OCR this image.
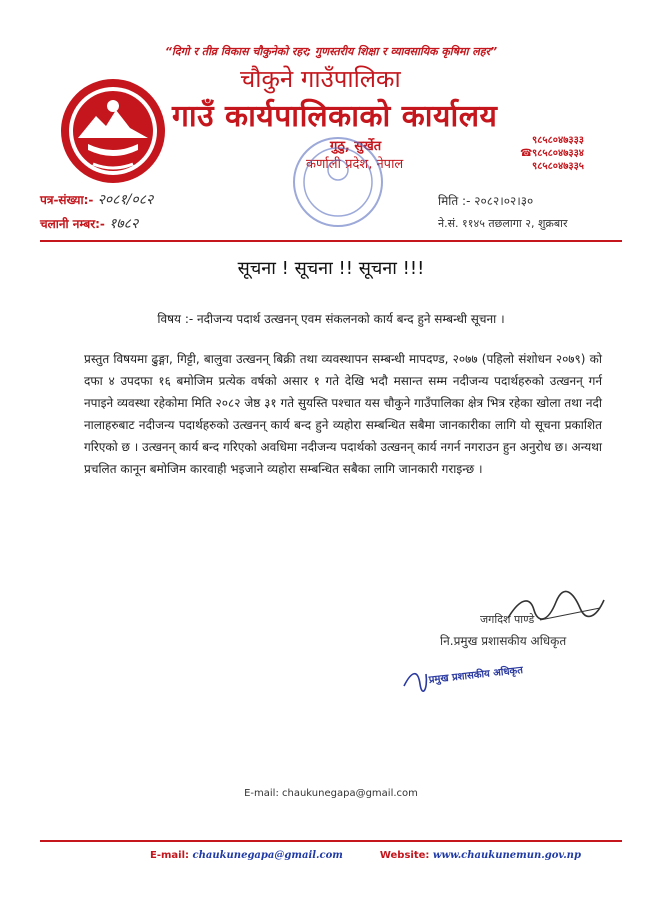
“दिगो र तीव्र विकास चौकुनेको रहर; गुणस्तरीय शिक्षा र व्यावसायिक कृषिमा लहर”
चौकुने गाउँपालिका
गाउँ कार्यपालिकाको कार्यालय
गुठु, सुर्खेत
कर्णाली प्रदेश, नेपाल
९८५८०४७३३३
☎ ९८५८०४७३३४
९८५८०४७३३५
पत्र-संख्या:- २०८१/०८२
चलानी नम्बर:- १७८२
मिति :- २०८२।०२।३०
ने.सं. ११४५ तछलागा २, शुक्रबार
सूचना ! सूचना !! सूचना !!!
विषय :- नदीजन्य पदार्थ उत्खनन् एवम संकलनको कार्य बन्द हुने सम्बन्धी सूचना ।

प्रस्तुत विषयमा ढुङ्गा, गिट्टी, बालुवा उत्खनन् बिक्री तथा व्यवस्थापन सम्बन्धी मापदण्ड, २०७७ (पहिलो संशोधन २०७९) को दफा ४ उपदफा १६ बमोजिम प्रत्येक वर्षको असार १ गते देखि भदौ मसान्त सम्म नदीजन्य पदार्थहरुको उत्खनन् गर्न नपाइने व्यवस्था रहेकोमा मिति २०८२ जेष्ठ ३१ गते सुयस्ति पश्चात यस चौकुने गाउँपालिका क्षेत्र भित्र रहेका खोला तथा नदी नालाहरुबाट नदीजन्य पदार्थहरुको उत्खनन् कार्य बन्द हुने व्यहोरा सम्बन्धित सबैमा जानकारीका लागि यो सूचना प्रकाशित गरिएको छ । उत्खनन् कार्य बन्द गरिएको अवधिमा नदीजन्य पदार्थको उत्खनन् कार्य नगर्न नगराउन हुन अनुरोध छ। अन्यथा प्रचलित कानून बमोजिम कारवाही भइजाने व्यहोरा सम्बन्धित सबैका लागि जानकारी गराइन्छ ।

जगदिश पाण्डे
नि.प्रमुख प्रशासकीय अधिकृत
प्रमुख प्रशासकीय अधिकृत
E-mail: chaukunegapa@gmail.com
E-mail: chaukunegapa@gmail.com	Website: www.chaukunemun.gov.np
